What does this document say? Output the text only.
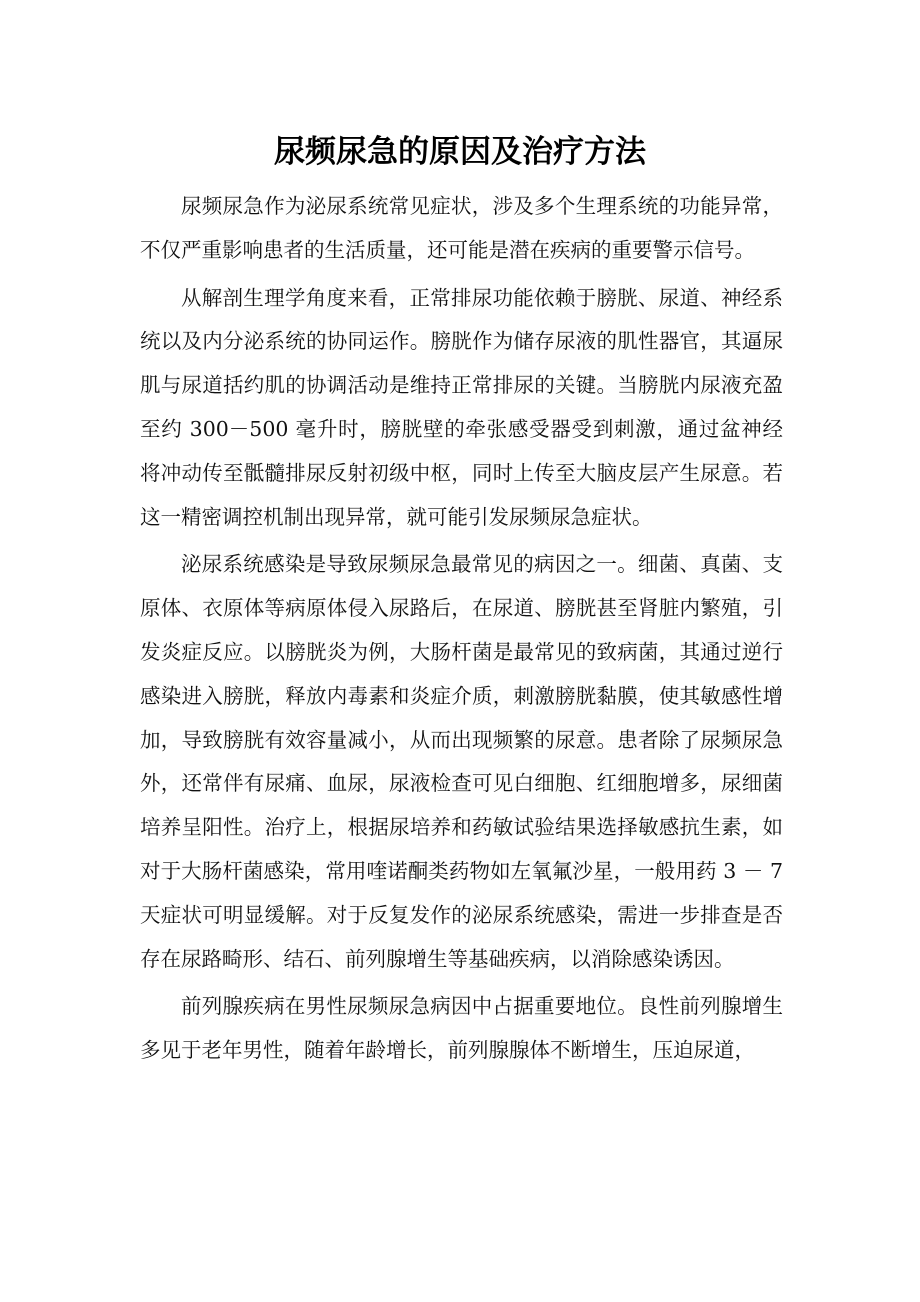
尿频尿急的原因及治疗方法

尿频尿急作为泌尿系统常见症状，涉及多个生理系统的功能异常，不仅严重影响患者的生活质量，还可能是潜在疾病的重要警示信号。

从解剖生理学角度来看，正常排尿功能依赖于膀胱、尿道、神经系统以及内分泌系统的协同运作。膀胱作为储存尿液的肌性器官，其逼尿肌与尿道括约肌的协调活动是维持正常排尿的关键。当膀胱内尿液充盈至约 300－500 毫升时，膀胱壁的牵张感受器受到刺激，通过盆神经将冲动传至骶髓排尿反射初级中枢，同时上传至大脑皮层产生尿意。若这一精密调控机制出现异常，就可能引发尿频尿急症状。

泌尿系统感染是导致尿频尿急最常见的病因之一。细菌、真菌、支原体、衣原体等病原体侵入尿路后，在尿道、膀胱甚至肾脏内繁殖，引发炎症反应。以膀胱炎为例，大肠杆菌是最常见的致病菌，其通过逆行感染进入膀胱，释放内毒素和炎症介质，刺激膀胱黏膜，使其敏感性增加，导致膀胱有效容量减小，从而出现频繁的尿意。患者除了尿频尿急外，还常伴有尿痛、血尿，尿液检查可见白细胞、红细胞增多，尿细菌培养呈阳性。治疗上，根据尿培养和药敏试验结果选择敏感抗生素，如对于大肠杆菌感染，常用喹诺酮类药物如左氧氟沙星，一般用药 3 － 7 天症状可明显缓解。对于反复发作的泌尿系统感染，需进一步排查是否存在尿路畸形、结石、前列腺增生等基础疾病，以消除感染诱因。

前列腺疾病在男性尿频尿急病因中占据重要地位。良性前列腺增生多见于老年男性，随着年龄增长，前列腺腺体不断增生，压迫尿道，
